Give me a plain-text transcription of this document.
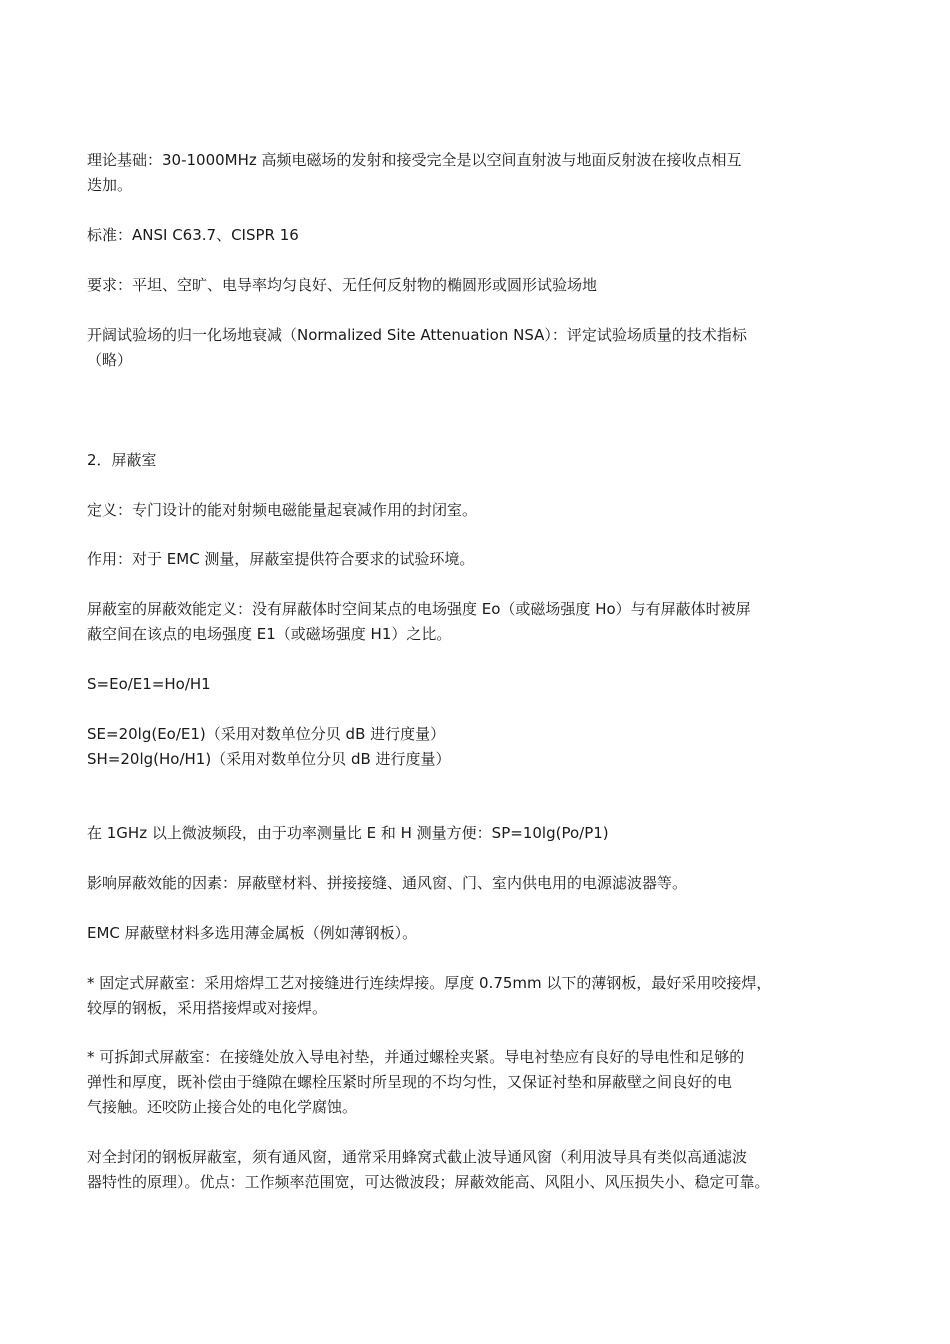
理论基础：30-1000MHz 高频电磁场的发射和接受完全是以空间直射波与地面反射波在接收点相互
迭加。

标准：ANSI C63.7、CISPR 16

要求：平坦、空旷、电导率均匀良好、无任何反射物的椭圆形或圆形试验场地

开阔试验场的归一化场地衰减（Normalized Site Attenuation NSA）：评定试验场质量的技术指标
（略）

2．屏蔽室

定义：专门设计的能对射频电磁能量起衰减作用的封闭室。

作用：对于 EMC 测量，屏蔽室提供符合要求的试验环境。

屏蔽室的屏蔽效能定义：没有屏蔽体时空间某点的电场强度 Eo（或磁场强度 Ho）与有屏蔽体时被屏
蔽空间在该点的电场强度 E1（或磁场强度 H1）之比。

S=Eo/E1=Ho/H1

SE=20lg(Eo/E1)（采用对数单位分贝 dB 进行度量）
SH=20lg(Ho/H1)（采用对数单位分贝 dB 进行度量）

在 1GHz 以上微波频段，由于功率测量比 E 和 H 测量方便：SP=10lg(Po/P1)

影响屏蔽效能的因素：屏蔽壁材料、拼接接缝、通风窗、门、室内供电用的电源滤波器等。

EMC 屏蔽壁材料多选用薄金属板（例如薄钢板）。

* 固定式屏蔽室：采用熔焊工艺对接缝进行连续焊接。厚度 0.75mm 以下的薄钢板，最好采用咬接焊，
较厚的钢板，采用搭接焊或对接焊。

* 可拆卸式屏蔽室：在接缝处放入导电衬垫，并通过螺栓夹紧。导电衬垫应有良好的导电性和足够的
弹性和厚度，既补偿由于缝隙在螺栓压紧时所呈现的不均匀性，又保证衬垫和屏蔽壁之间良好的电
气接触。还咬防止接合处的电化学腐蚀。

对全封闭的钢板屏蔽室，须有通风窗，通常采用蜂窝式截止波导通风窗（利用波导具有类似高通滤波
器特性的原理）。优点：工作频率范围宽，可达微波段；屏蔽效能高、风阻小、风压损失小、稳定可靠。
